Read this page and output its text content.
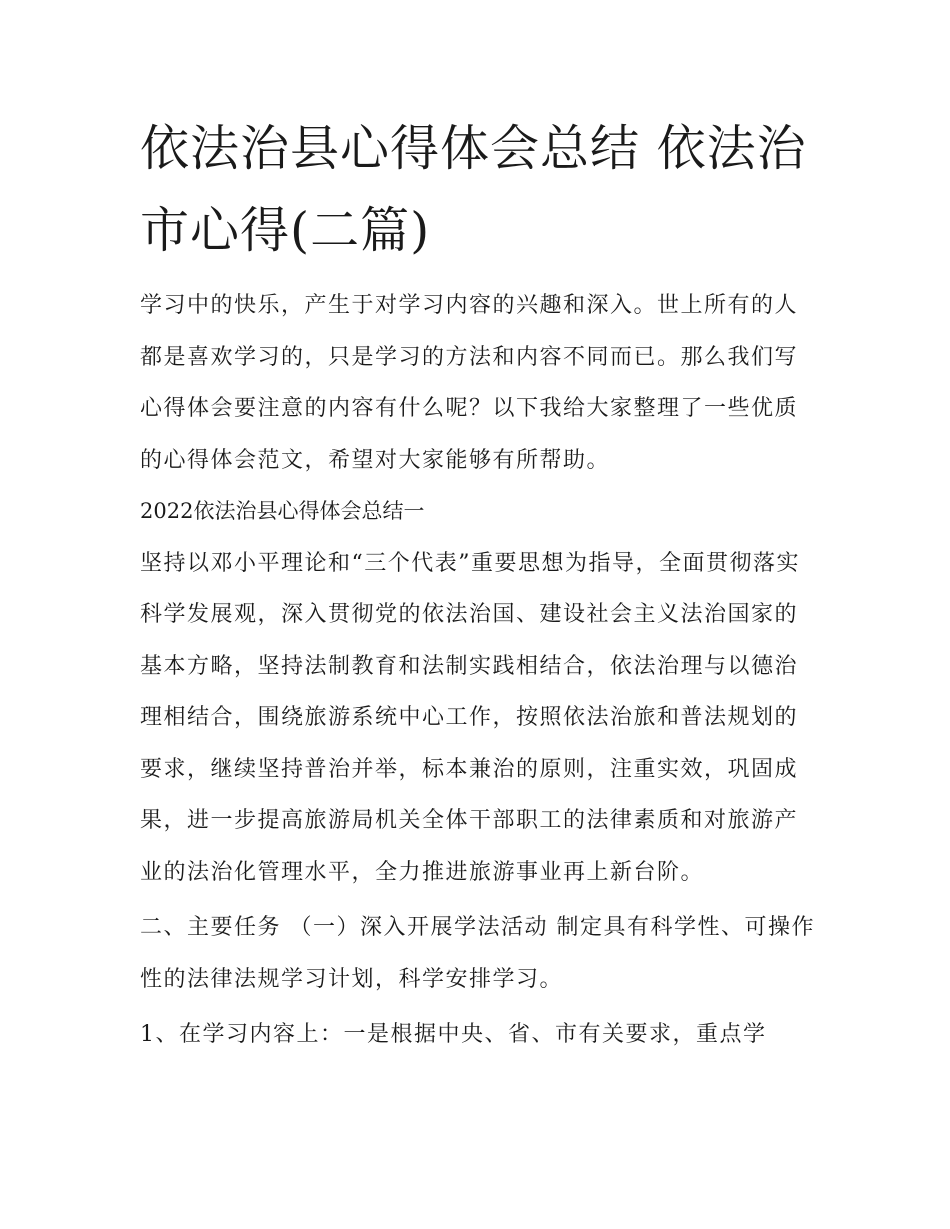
依法治县心得体会总结 依法治市心得(二篇)

学习中的快乐，产生于对学习内容的兴趣和深入。世上所有的人都是喜欢学习的，只是学习的方法和内容不同而已。那么我们写心得体会要注意的内容有什么呢？以下我给大家整理了一些优质的心得体会范文，希望对大家能够有所帮助。

2022依法治县心得体会总结一

坚持以邓小平理论和“三个代表”重要思想为指导，全面贯彻落实科学发展观，深入贯彻党的依法治国、建设社会主义法治国家的基本方略，坚持法制教育和法制实践相结合，依法治理与以德治理相结合，围绕旅游系统中心工作，按照依法治旅和普法规划的要求，继续坚持普治并举，标本兼治的原则，注重实效，巩固成果，进一步提高旅游局机关全体干部职工的法律素质和对旅游产业的法治化管理水平，全力推进旅游事业再上新台阶。

二、主要任务 （一）深入开展学法活动 制定具有科学性、可操作性的法律法规学习计划，科学安排学习。

1、在学习内容上：一是根据中央、省、市有关要求，重点学
